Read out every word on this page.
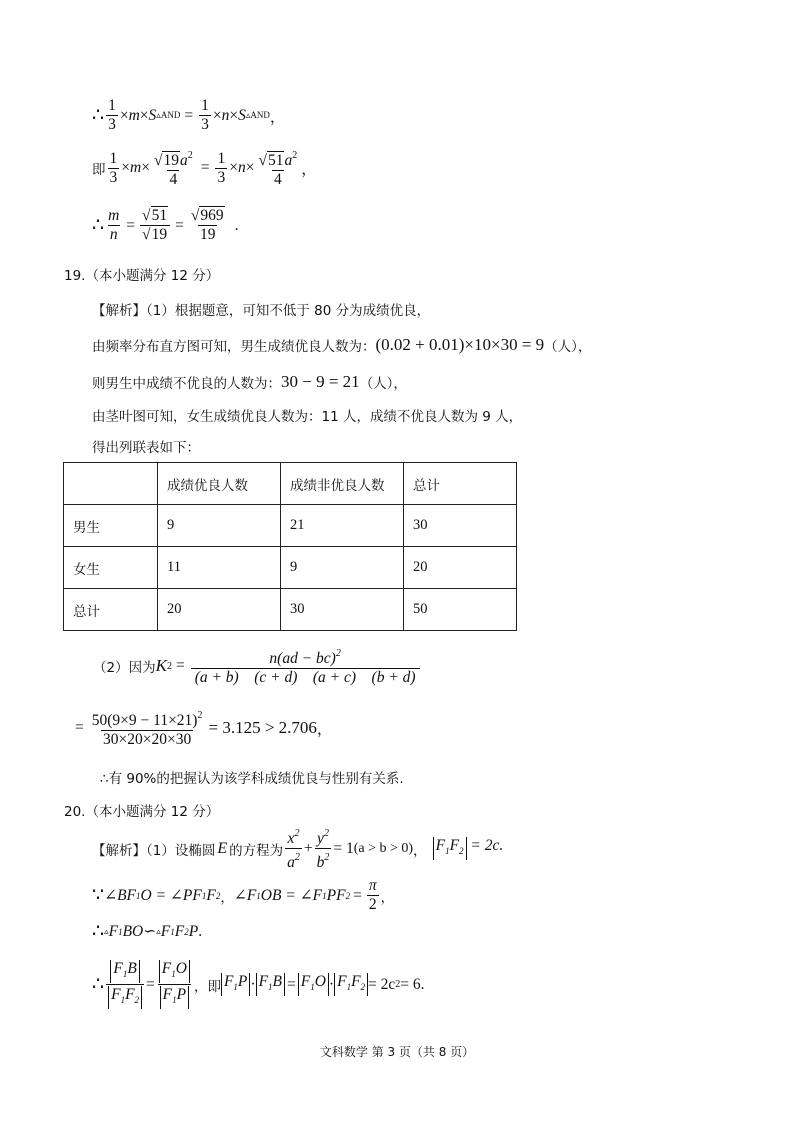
∴ $\frac{1}{3} \times m \times S$ ▵AND = $\frac{1}{3} \times n \times S$ ▵AND ，
即 $\frac{1}{3} \times m \times \frac{√19a^2}{4} = \frac{1}{3} \times n \times \frac{√51a^2}{4}$ ，
∴ $\frac{m}{n} = \frac{√51}{√19} = \frac{√969}{19}$ .
19.（本小题满分 12 分）
【解析】（1）根据题意，可知不低于 80 分为成绩优良，
由频率分布直方图可知，男生成绩优良人数为： (0.02 + 0.01)×10×30 = 9 （人），
则男生中成绩不优良的人数为： 30 − 9 = 21 （人），
由茎叶图可知，女生成绩优良人数为：11 人，成绩不优良人数为 9 人，
得出列联表如下：
	成绩优良人数	成绩非优良人数	总计
男生	9	21	30
女生	11	9	20
总计	20	30	50
（2）因为 K $2 = \frac{n(ad - bc)^2}{(a + b) (c + d) (a + c) (b + d)}$
= $\frac{50(9\times 9 - 11\times 21)^2}{30\times 20\times 20\times 30} = 3.125 > 2.706$ ，
∴有 90%的把握认为该学科成绩优良与性别有关系.
20.（本小题满分 12 分）
【解析】（1）设椭圆 E 的方程为 $\frac{x^2}{a^2} + \frac{y^2}{b^2} = 1$ (a > b > 0) ， $F_1F_2 = 2c$.
∵ ∠BF 1 O = ∠PF 1 F 2 ， ∠F 1 OB = ∠F 1 PF $2 = \frac{\pi}{2}$ ，
∴ ▵ F 1 BO ∽ ▵ F 1 F 2 P .
∴ $\frac{F_1B}{F_1F_2} = \frac{F_1O}{F_1P}$ ， 即 $F_1P \cdot F_1B = F_1O \cdot F_1F_2 = 2c$ 2 = 6 .
文科数学 第 3 页（共 8 页）
